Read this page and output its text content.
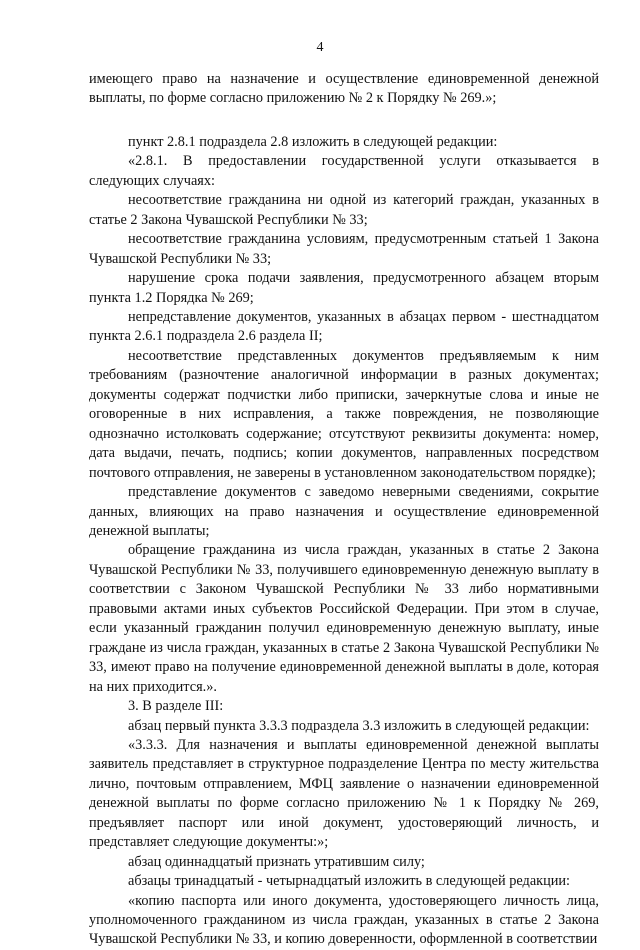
4

имеющего право на назначение и осуществление единовременной денежной выплаты, по форме согласно приложению № 2 к Порядку № 269.»;

пункт 2.8.1 подраздела 2.8 изложить в следующей редакции:

«2.8.1. В предоставлении государственной услуги отказывается в следующих случаях:

несоответствие гражданина ни одной из категорий граждан, указанных в статье 2 Закона Чувашской Республики № 33;

несоответствие гражданина условиям, предусмотренным статьей 1 Закона Чувашской Республики № 33;

нарушение срока подачи заявления, предусмотренного абзацем вторым пункта 1.2 Порядка № 269;

непредставление документов, указанных в абзацах первом - шестнадцатом пункта 2.6.1 подраздела 2.6 раздела II;

несоответствие представленных документов предъявляемым к ним требованиям (разночтение аналогичной информации в разных документах; документы содержат подчистки либо приписки, зачеркнутые слова и иные не оговоренные в них исправления, а также повреждения, не позволяющие однозначно истолковать содержание; отсутствуют реквизиты документа: номер, дата выдачи, печать, подпись; копии документов, направленных посредством почтового отправления, не заверены в установленном законодательством порядке);

представление документов с заведомо неверными сведениями, сокрытие данных, влияющих на право назначения и осуществление единовременной денежной выплаты;

обращение гражданина из числа граждан, указанных в статье 2 Закона Чувашской Республики № 33, получившего единовременную денежную выплату в соответствии с Законом Чувашской Республики № 33 либо нормативными правовыми актами иных субъектов Российской Федерации. При этом в случае, если указанный гражданин получил единовременную денежную выплату, иные граждане из числа граждан, указанных в статье 2 Закона Чувашской Республики № 33, имеют право на получение единовременной денежной выплаты в доле, которая на них приходится.».

3. В разделе III:

абзац первый пункта 3.3.3 подраздела 3.3 изложить в следующей редакции:

«3.3.3. Для назначения и выплаты единовременной денежной выплаты заявитель представляет в структурное подразделение Центра по месту жительства лично, почтовым отправлением, МФЦ заявление о назначении единовременной денежной выплаты по форме согласно приложению № 1 к Порядку № 269, предъявляет паспорт или иной документ, удостоверяющий личность, и представляет следующие документы:»;

абзац одиннадцатый признать утратившим силу;

абзацы тринадцатый - четырнадцатый изложить в следующей редакции:

«копию паспорта или иного документа, удостоверяющего личность лица, уполномоченного гражданином из числа граждан, указанных в статье 2 Закона Чувашской Республики № 33, и копию доверенности, оформленной в соответствии
